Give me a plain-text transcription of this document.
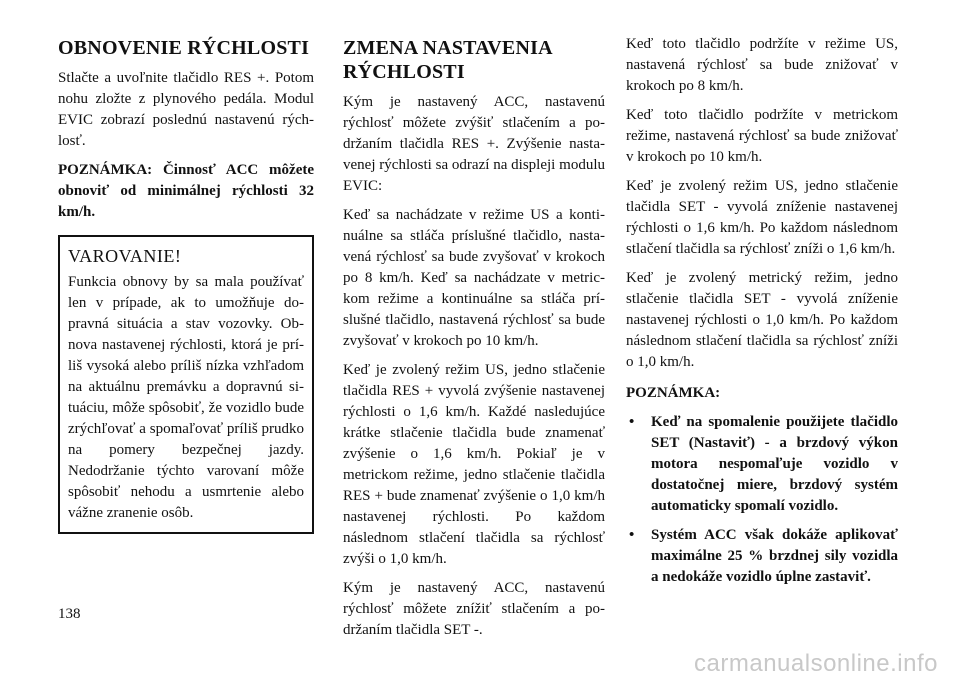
OBNOVENIE RÝCHLOSTI

Stlačte a uvoľnite tlačidlo RES +. Potom nohu zložte z plynového pedála. Modul EVIC zobrazí poslednú nastavenú rýchlosť.

POZNÁMKA: Činnosť ACC môžete obnoviť od minimálnej rýchlosti 32 km/h.

VAROVANIE!

Funkcia obnovy by sa mala používať len v prípade, ak to umožňuje dopravná situácia a stav vozovky. Obnova nastavenej rýchlosti, ktorá je príliš vysoká alebo príliš nízka vzhľadom na aktuálnu premávku a dopravnú situáciu, môže spôsobiť, že vozidlo bude zrýchľovať a spomaľovať príliš prudko na pomery bezpečnej jazdy. Nedodržanie týchto varovaní môže spôsobiť nehodu a usmrtenie alebo vážne zranenie osôb.

ZMENA NASTAVENIA
RÝCHLOSTI

Kým je nastavený ACC, nastavenú rýchlosť môžete zvýšiť stlačením a podržaním tlačidla RES +. Zvýšenie nastavenej rýchlosti sa odrazí na displeji modulu EVIC:

Keď sa nachádzate v režime US a kontinuálne sa stláča príslušné tlačidlo, nastavená rýchlosť sa bude zvyšovať v krokoch po 8 km/h. Keď sa nachádzate v metrickom režime a kontinuálne sa stláča príslušné tlačidlo, nastavená rýchlosť sa bude zvyšovať v krokoch po 10 km/h.

Keď je zvolený režim US, jedno stlačenie tlačidla RES + vyvolá zvýšenie nastavenej rýchlosti o 1,6 km/h. Každé nasledujúce krátke stlačenie tlačidla bude znamenať zvýšenie o 1,6 km/h. Pokiaľ je v metrickom režime, jedno stlačenie tlačidla RES + bude znamenať zvýšenie o 1,0 km/h nastavenej rýchlosti. Po každom následnom stlačení tlačidla sa rýchlosť zvýši o 1,0 km/h.

Kým je nastavený ACC, nastavenú rýchlosť môžete znížiť stlačením a podržaním tlačidla SET -.

Keď toto tlačidlo podržíte v režime US, nastavená rýchlosť sa bude znižovať v krokoch po 8 km/h.

Keď toto tlačidlo podržíte v metrickom režime, nastavená rýchlosť sa bude znižovať v krokoch po 10 km/h.

Keď je zvolený režim US, jedno stlačenie tlačidla SET - vyvolá zníženie nastavenej rýchlosti o 1,6 km/h. Po každom následnom stlačení tlačidla sa rýchlosť zníži o 1,6 km/h.

Keď je zvolený metrický režim, jedno stlačenie tlačidla SET - vyvolá zníženie nastavenej rýchlosti o 1,0 km/h. Po každom následnom stlačení tlačidla sa rýchlosť zníži o 1,0 km/h.

POZNÁMKA:

• Keď na spomalenie použijete tlačidlo SET (Nastaviť) - a brzdový výkon motora nespomaľuje vozidlo v dostatočnej miere, brzdový systém automaticky spomalí vozidlo.
• Systém ACC však dokáže aplikovať maximálne 25 % brzdnej sily vozidla a nedokáže vozidlo úplne zastaviť.
138
carmanualsonline.info
